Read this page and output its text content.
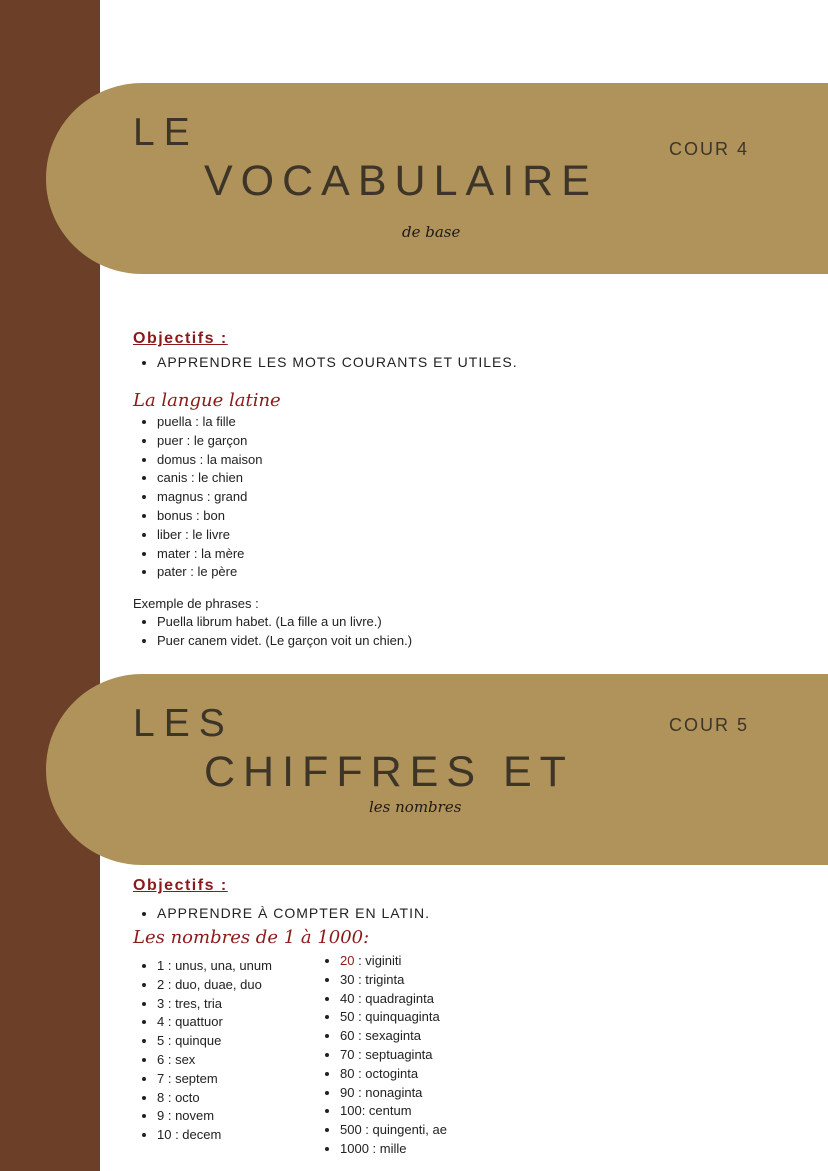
LE
VOCABULAIRE
de base
COUR 4

Objectifs :

• APPRENDRE LES MOTS COURANTS ET UTILES.

La langue latine

• puella : la fille
• puer : le garçon
• domus : la maison
• canis : le chien
• magnus : grand
• bonus : bon
• liber : le livre
• mater : la mère
• pater : le père

Exemple de phrases :

• Puella librum habet. (La fille a un livre.)
• Puer canem videt. (Le garçon voit un chien.)
LES
CHIFFRES ET
les nombres
COUR 5

Objectifs :

• APPRENDRE À COMPTER EN LATIN.

Les nombres de 1 à 1000:

• 1 : unus, una, unum
• 2 : duo, duae, duo
• 3 : tres, tria
• 4 : quattuor
• 5 : quinque
• 6 : sex
• 7 : septem
• 8 : octo
• 9 : novem
• 10 : decem
• 20 : viginiti
• 30 : triginta
• 40 : quadraginta
• 50 : quinquaginta
• 60 : sexaginta
• 70 : septuaginta
• 80 : octoginta
• 90 : nonaginta
• 100: centum
• 500 : quingenti, ae
• 1000 : mille
